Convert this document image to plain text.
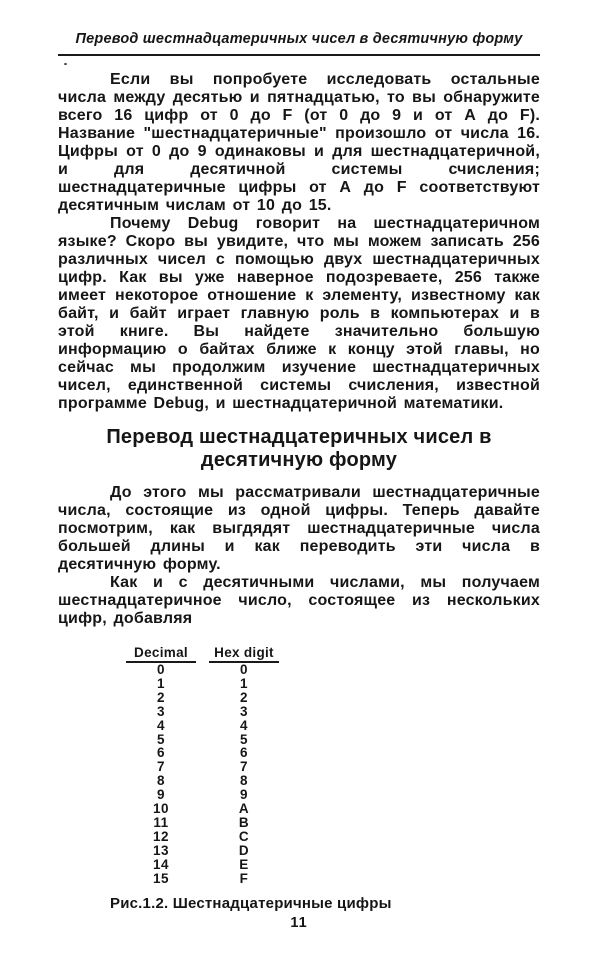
Перевод шестнадцатеричных чисел в десятичную форму

Если вы попробуете исследовать остальные числа между десятью и пятнадцатью, то вы обнаружите всего 16 цифр от 0 до F (от 0 до 9 и от А до F). Название "шестнадцатеричные" произошло от числа 16. Цифры от 0 до 9 одинаковы и для шестнадцатеричной, и для десятичной системы счисления; шестнадцатеричные цифры от А до F соответствуют десятичным числам от 10 до 15.

Почему Debug говорит на шестнадцатеричном языке? Скоро вы увидите, что мы можем записать 256 различных чисел с помощью двух шестнадцатеричных цифр. Как вы уже наверное подозреваете, 256 также имеет некоторое отношение к элементу, известному как байт, и байт играет главную роль в компьютерах и в этой книге. Вы найдете значительно большую информацию о байтах ближе к концу этой главы, но сейчас мы продолжим изучение шестнадцатеричных чисел, единственной системы счисления, известной программе Debug, и шестнадцатеричной математики.

Перевод шестнадцатеричных чисел в
десятичную форму

До этого мы рассматривали шестнадцатеричные числа, состоящие из одной цифры. Теперь давайте посмотрим, как выгдядят шестнадцатеричные числа большей длины и как переводить эти числа в десятичную форму.

Как и с десятичными числами, мы получаем шестнадцатеричное число, состоящее из нескольких цифр, добавляя

Decimal	Hex digit
0	0
1	1
2	2
3	3
4	4
5	5
6	6
7	7
8	8
9	9
10	A
11	B
12	C
13	D
14	E
15	F
Рис.1.2. Шестнадцатеричные цифры
11
